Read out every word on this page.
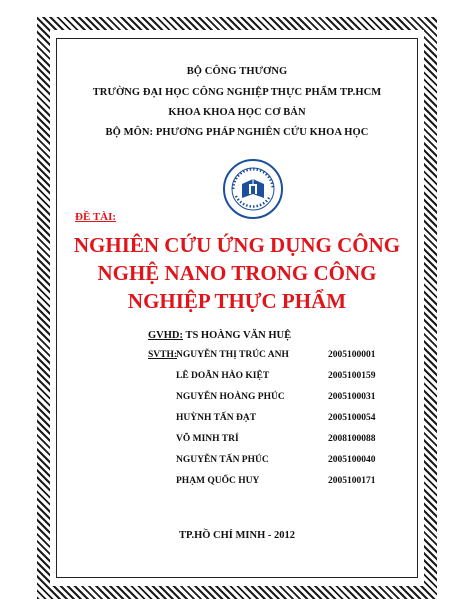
BỘ CÔNG THƯƠNG
TRƯỜNG ĐẠI HỌC CÔNG NGHIỆP THỰC PHẨM TP.HCM
KHOA KHOA HỌC CƠ BẢN
BỘ MÔN: PHƯƠNG PHÁP NGHIÊN CỨU KHOA HỌC
ĐỀ TÀI:
NGHIÊN CỨU ỨNG DỤNG CÔNG
NGHỆ NANO TRONG CÔNG
NGHIỆP THỰC PHẨM
GVHD: TS HOÀNG VĂN HUỆ
SVTH:
NGUYỄN THỊ TRÚC ANH	2005100001
LÊ DOÃN HÀO KIỆT	2005100159
NGUYỄN HOÀNG PHÚC	2005100031
HUỲNH TẤN ĐẠT	2005100054
VÕ MINH TRÍ	2008100088
NGUYỄN TẤN PHÚC	2005100040
PHẠM QUỐC HUY	2005100171
TP.HỒ CHÍ MINH - 2012
